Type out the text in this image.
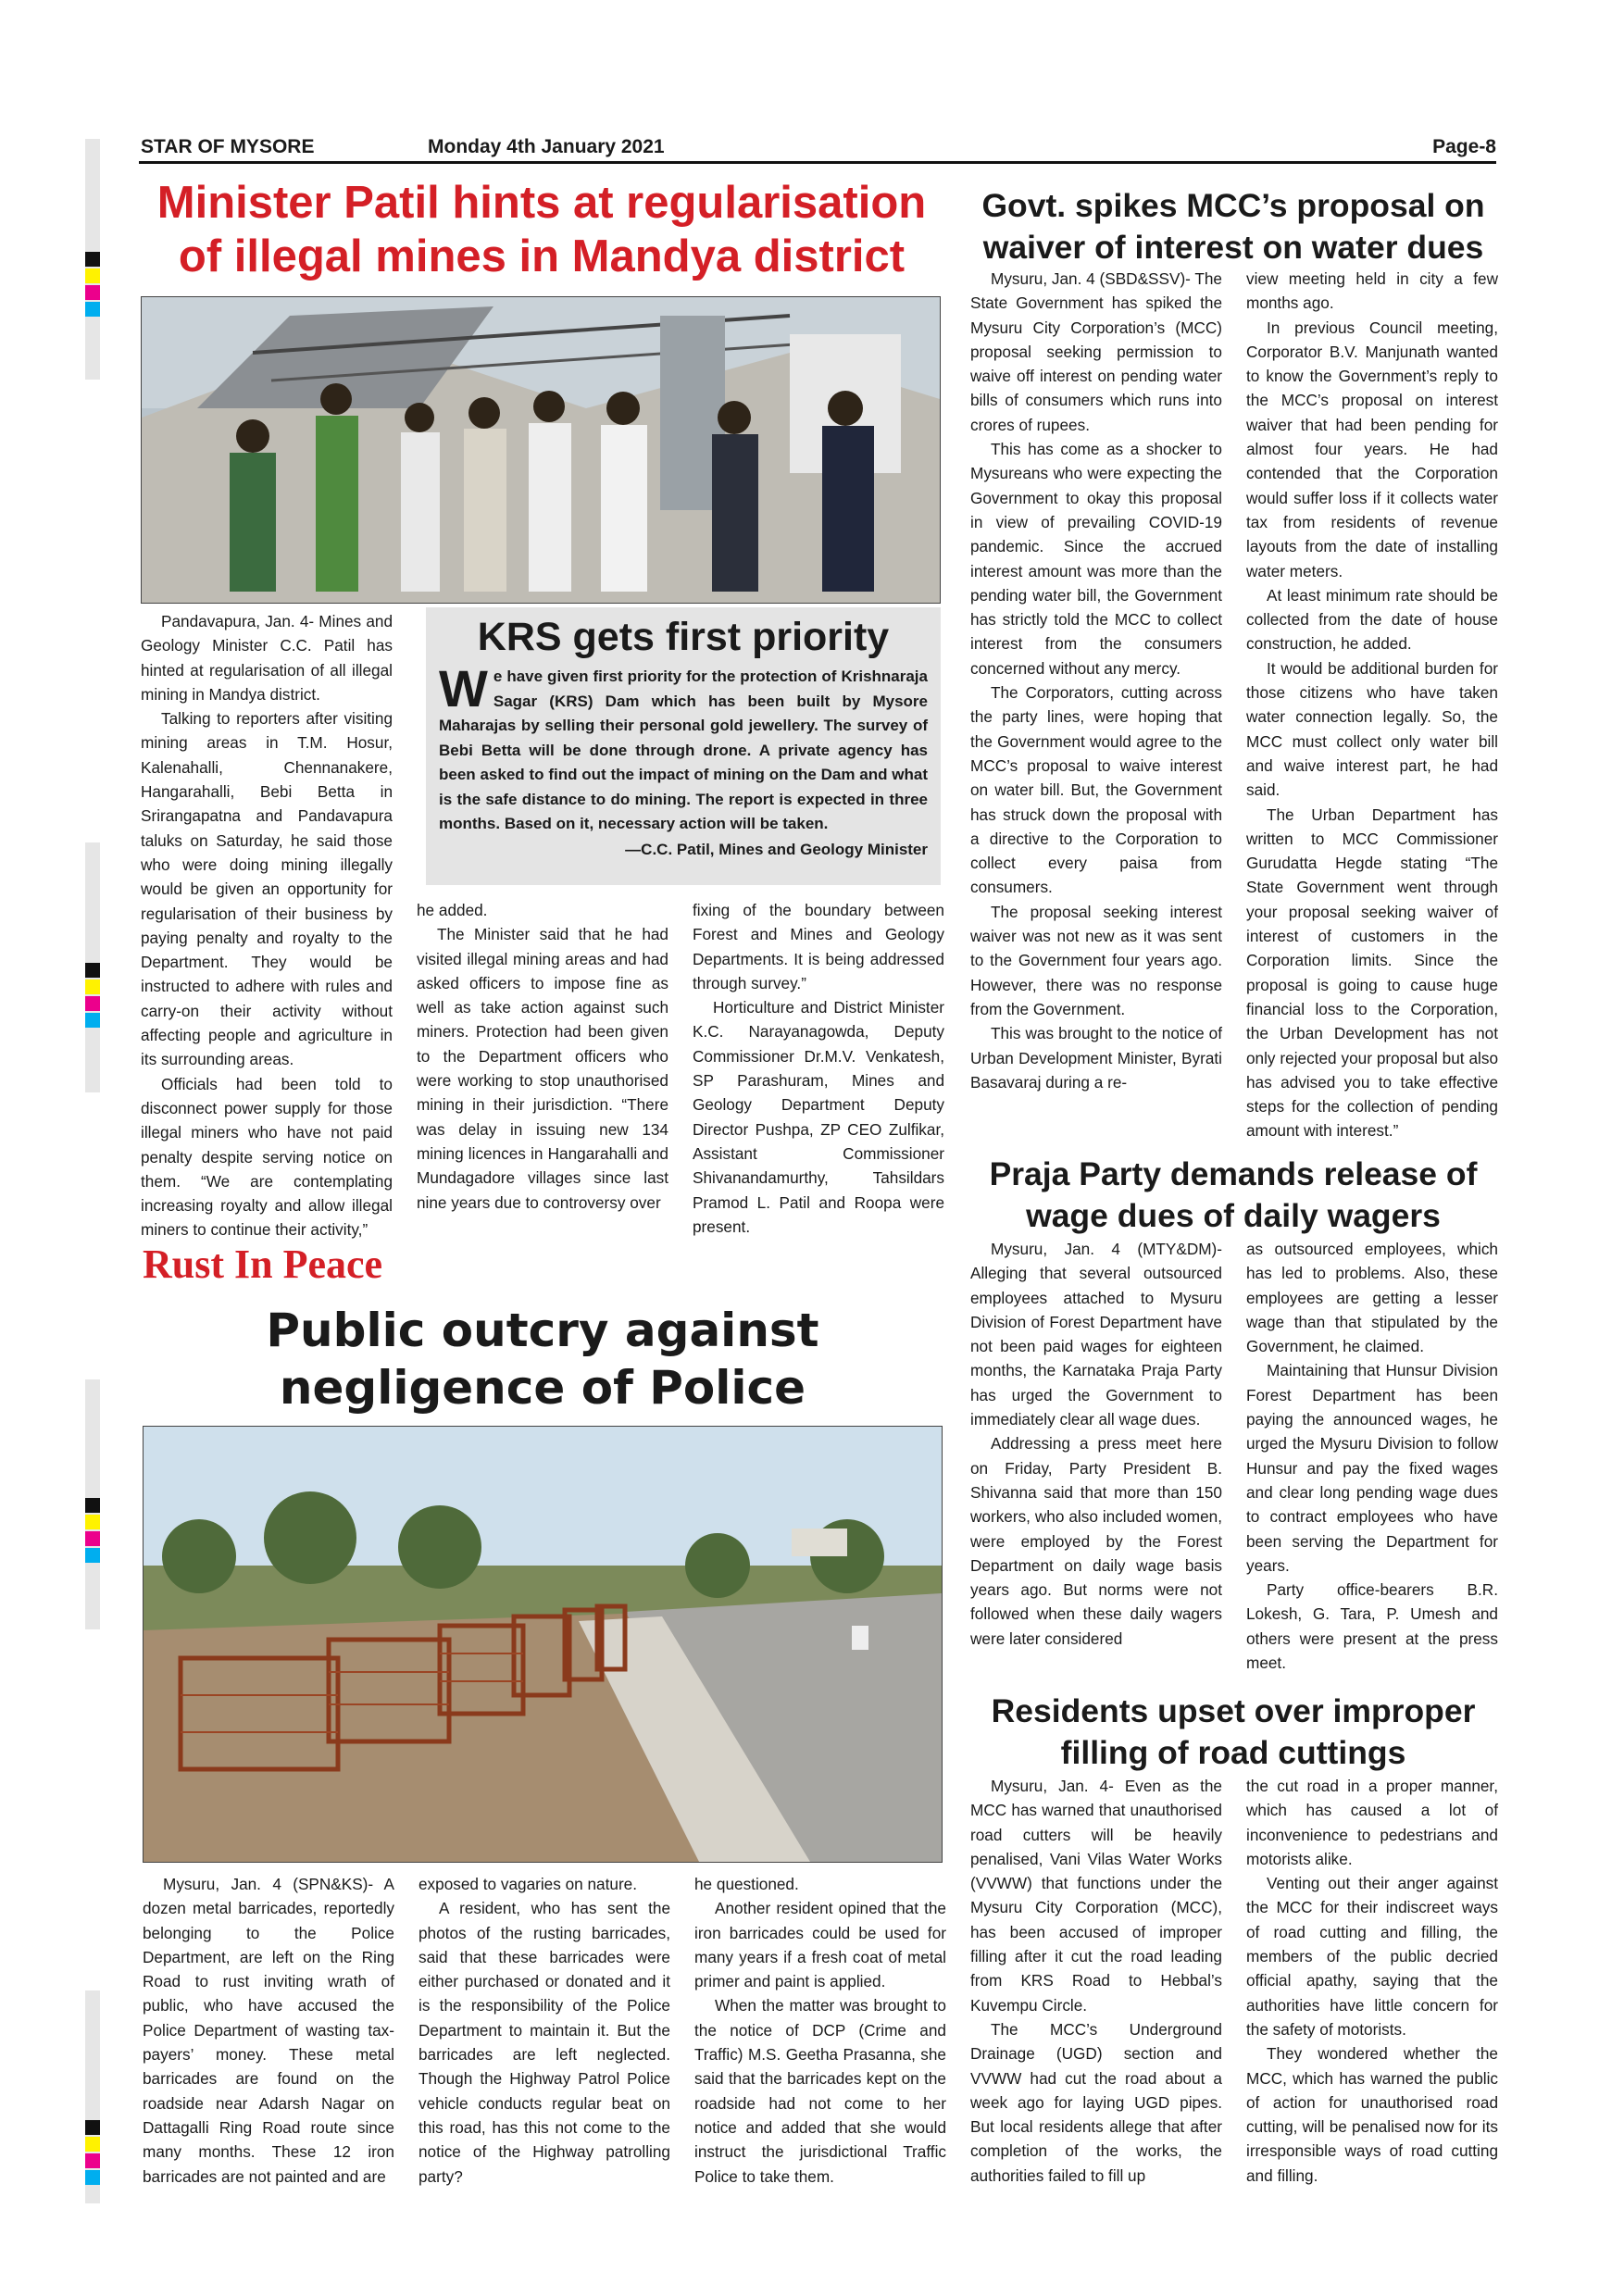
STAR OF MYSORE	Monday 4th January 2021	Page-8
Minister Patil hints at regularisation of illegal mines in Mandya district
KRS gets first priority
We have given first priority for the protection of Krishnaraja Sagar (KRS) Dam which has been built by Mysore Maharajas by selling their personal gold jewellery. The survey of Bebi Betta will be done through drone. A private agency has been asked to find out the impact of mining on the Dam and what is the safe distance to do mining. The report is expected in three months. Based on it, necessary action will be taken.
—C.C. Patil, Mines and Geology Minister

Pandavapura, Jan. 4- Mines and Geology Minister C.C. Patil has hinted at regularisation of all illegal mining in Mandya district.

Talking to reporters after visiting mining areas in T.M. Hosur, Kalenahalli, Chennanakere, Hangarahalli, Bebi Betta in Srirangapatna and Pandavapura taluks on Saturday, he said those who were doing mining illegally would be given an opportunity for regularisation of their business by paying penalty and royalty to the Department. They would be instructed to adhere with rules and carry-on their activity without affecting people and agriculture in its surrounding areas.

Officials had been told to disconnect power supply for those illegal miners who have not paid penalty despite serving notice on them. “We are contemplating increasing royalty and allow illegal miners to continue their activity,”

he added.

The Minister said that he had visited illegal mining areas and had asked officers to impose fine as well as take action against such miners. Protection had been given to the Department officers who were working to stop unauthorised mining in their jurisdiction. “There was delay in issuing new 134 mining licences in Hangarahalli and Mundagadore villages since last nine years due to controversy over

fixing of the boundary between Forest and Mines and Geology Departments. It is being addressed through survey.”

Horticulture and District Minister K.C. Narayanagowda, Deputy Commissioner Dr.M.V. Venkatesh, SP Parashuram, Mines and Geology Department Deputy Director Pushpa, ZP CEO Zulfikar, Assistant Commissioner Shivanandamurthy, Tahsildars Pramod L. Patil and Roopa were present.

Rust In Peace
Public outcry against negligence of Police

Mysuru, Jan. 4 (SPN&KS)- A dozen metal barricades, reportedly belonging to the Police Department, are left on the Ring Road to rust inviting wrath of public, who have accused the Police Department of wasting tax-payers’ money. These metal barricades are found on the roadside near Adarsh Nagar on Dattagalli Ring Road route since many months. These 12 iron barricades are not painted and are

exposed to vagaries on nature.

A resident, who has sent the photos of the rusting barricades, said that these barricades were either purchased or donated and it is the responsibility of the Police Department to maintain it. But the barricades are left neglected. Though the Highway Patrol Police vehicle conducts regular beat on this road, has this not come to the notice of the Highway patrolling party?

he questioned.

Another resident opined that the iron barricades could be used for many years if a fresh coat of metal primer and paint is applied.

When the matter was brought to the notice of DCP (Crime and Traffic) M.S. Geetha Prasanna, she said that the barricades kept on the roadside had not come to her notice and added that she would instruct the jurisdictional Traffic Police to take them.

Govt. spikes MCC’s proposal on waiver of interest on water dues

Mysuru, Jan. 4 (SBD&SSV)- The State Government has spiked the Mysuru City Corporation’s (MCC) proposal seeking permission to waive off interest on pending water bills of consumers which runs into crores of rupees.

This has come as a shocker to Mysureans who were expecting the Government to okay this proposal in view of prevailing COVID-19 pandemic. Since the accrued interest amount was more than the pending water bill, the Government has strictly told the MCC to collect interest from the consumers concerned without any mercy.

The Corporators, cutting across the party lines, were hoping that the Government would agree to the MCC’s proposal to waive interest on water bill. But, the Government has struck down the proposal with a directive to the Corporation to collect every paisa from consumers.

The proposal seeking interest waiver was not new as it was sent to the Government four years ago. However, there was no response from the Government.

This was brought to the notice of Urban Development Minister, Byrati Basavaraj during a re-

view meeting held in city a few months ago.

In previous Council meeting, Corporator B.V. Manjunath wanted to know the Government’s reply to the MCC’s proposal on interest waiver that had been pending for almost four years. He had contended that the Corporation would suffer loss if it collects water tax from residents of revenue layouts from the date of installing water meters.

At least minimum rate should be collected from the date of house construction, he added.

It would be additional burden for those citizens who have taken water connection legally. So, the MCC must collect only water bill and waive interest part, he had said.

The Urban Department has written to MCC Commissioner Gurudatta Hegde stating “The State Government went through your proposal seeking waiver of interest of customers in the Corporation limits. Since the proposal is going to cause huge financial loss to the Corporation, the Urban Development has not only rejected your proposal but also has advised you to take effective steps for the collection of pending amount with interest.”

Praja Party demands release of wage dues of daily wagers

Mysuru, Jan. 4 (MTY&DM)- Alleging that several outsourced employees attached to Mysuru Division of Forest Department have not been paid wages for eighteen months, the Karnataka Praja Party has urged the Government to immediately clear all wage dues.

Addressing a press meet here on Friday, Party President B. Shivanna said that more than 150 workers, who also included women, were employed by the Forest Department on daily wage basis years ago. But norms were not followed when these daily wagers were later considered

as outsourced employees, which has led to problems. Also, these employees are getting a lesser wage than that stipulated by the Government, he claimed.

Maintaining that Hunsur Division Forest Department has been paying the announced wages, he urged the Mysuru Division to follow Hunsur and pay the fixed wages and clear long pending wage dues to contract employees who have been serving the Department for years.

Party office-bearers B.R. Lokesh, G. Tara, P. Umesh and others were present at the press meet.

Residents upset over improper filling of road cuttings

Mysuru, Jan. 4- Even as the MCC has warned that unauthorised road cutters will be heavily penalised, Vani Vilas Water Works (VVWW) that functions under the Mysuru City Corporation (MCC), has been accused of improper filling after it cut the road leading from KRS Road to Hebbal’s Kuvempu Circle.

The MCC’s Underground Drainage (UGD) section and VVWW had cut the road about a week ago for laying UGD pipes. But local residents allege that after completion of the works, the authorities failed to fill up

the cut road in a proper manner, which has caused a lot of inconvenience to pedestrians and motorists alike.

Venting out their anger against the MCC for their indiscreet ways of road cutting and filling, the members of the public decried official apathy, saying that the authorities have little concern for the safety of motorists.

They wondered whether the MCC, which has warned the public of action for unauthorised road cutting, will be penalised now for its irresponsible ways of road cutting and filling.
